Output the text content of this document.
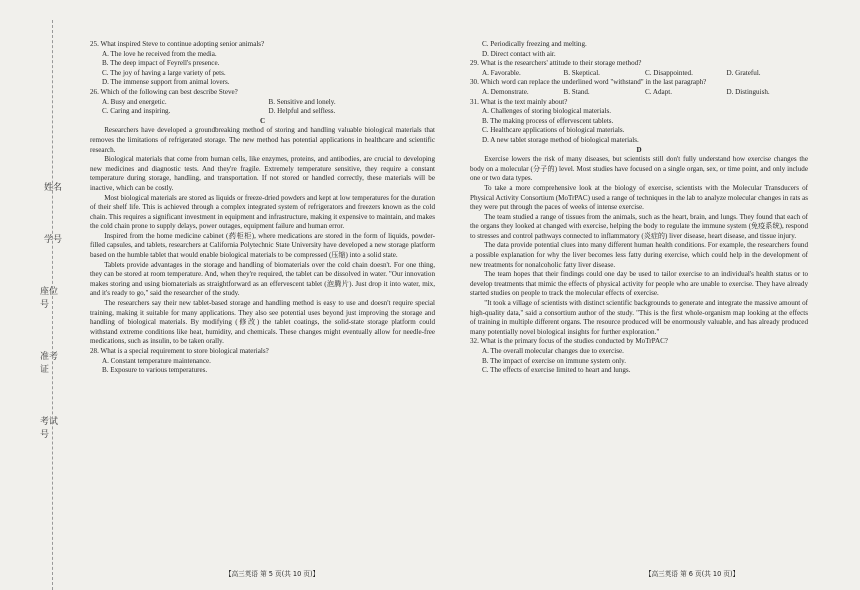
姓名
学号
座位号
准考证
考试号

25. What inspired Steve to continue adopting senior animals?

A. The love he received from the media.

B. The deep impact of Feyrell's presence.

C. The joy of having a large variety of pets.

D. The immense support from animal lovers.

26. Which of the following can best describe Steve?

A. Busy and energetic.	B. Sensitive and lonely.
C. Caring and inspiring.	D. Helpful and selfless.

C

Researchers have developed a groundbreaking method of storing and handling valuable biological materials that removes the limitations of refrigerated storage. The new method has potential applications in healthcare and scientific research.

Biological materials that come from human cells, like enzymes, proteins, and antibodies, are crucial to developing new medicines and diagnostic tests. And they're fragile. Extremely temperature sensitive, they require a constant temperature during storage, handling, and transportation. If not stored or handled correctly, these materials will be inactive, which can be costly.

Most biological materials are stored as liquids or freeze-dried powders and kept at low temperatures for the duration of their shelf life. This is achieved through a complex integrated system of refrigerators and freezers known as the cold chain. This requires a significant investment in equipment and infrastructure, making it expensive to maintain, and makes the cold chain prone to supply delays, power outages, equipment failure and human error.

Inspired from the home medicine cabinet (药柜柜), where medications are stored in the form of liquids, powder-filled capsules, and tablets, researchers at California Polytechnic State University have developed a new storage platform based on the humble tablet that would enable biological materials to be compressed (压缩) into a solid state.

Tablets provide advantages in the storage and handling of biomaterials over the cold chain doesn't. For one thing, they can be stored at room temperature. And, when they're required, the tablet can be dissolved in water. "Our innovation makes storing and using biomaterials as straightforward as an effervescent tablet (泡腾片). Just drop it into water, mix, and it's ready to go," said the researcher of the study.

The researchers say their new tablet-based storage and handling method is easy to use and doesn't require special training, making it suitable for many applications. They also see potential uses beyond just improving the storage and handling of biological materials. By modifying (修改) the tablet coatings, the solid-state storage platform could withstand extreme conditions like heat, humidity, and chemicals. These changes might eventually allow for needle-free medications, such as insulin, to be taken orally.

28. What is a special requirement to store biological materials?

A. Constant temperature maintenance.

B. Exposure to various temperatures.

C. Periodically freezing and melting.

D. Direct contact with air.

29. What is the researchers' attitude to their storage method?

A. Favorable.	B. Skeptical.	C. Disappointed.	D. Grateful.

30. Which word can replace the underlined word "withstand" in the last paragraph?

A. Demonstrate.	B. Stand.	C. Adapt.	D. Distinguish.

31. What is the text mainly about?

A. Challenges of storing biological materials.

B. The making process of effervescent tablets.

C. Healthcare applications of biological materials.

D. A new tablet storage method of biological materials.

D

Exercise lowers the risk of many diseases, but scientists still don't fully understand how exercise changes the body on a molecular (分子的) level. Most studies have focused on a single organ, sex, or time point, and only include one or two data types.

To take a more comprehensive look at the biology of exercise, scientists with the Molecular Transducers of Physical Activity Consortium (MoTrPAC) used a range of techniques in the lab to analyze molecular changes in rats as they were put through the paces of weeks of intense exercise.

The team studied a range of tissues from the animals, such as the heart, brain, and lungs. They found that each of the organs they looked at changed with exercise, helping the body to regulate the immune system (免疫系统), respond to stresses and control pathways connected to inflammatory (炎症的) liver disease, heart disease, and tissue injury.

The data provide potential clues into many different human health conditions. For example, the researchers found a possible explanation for why the liver becomes less fatty during exercise, which could help in the development of new treatments for nonalcoholic fatty liver disease.

The team hopes that their findings could one day be used to tailor exercise to an individual's health status or to develop treatments that mimic the effects of physical activity for people who are unable to exercise. They have already started studies on people to track the molecular effects of exercise.

"It took a village of scientists with distinct scientific backgrounds to generate and integrate the massive amount of high-quality data," said a consortium author of the study. "This is the first whole-organism map looking at the effects of training in multiple different organs. The resource produced will be enormously valuable, and has already produced many potentially novel biological insights for further exploration."

32. What is the primary focus of the studies conducted by MoTrPAC?

A. The overall molecular changes due to exercise.

B. The impact of exercise on immune system only.

C. The effects of exercise limited to heart and lungs.

【高三英语 第 5 页(共 10 页)】	【高三英语 第 6 页(共 10 页)】
